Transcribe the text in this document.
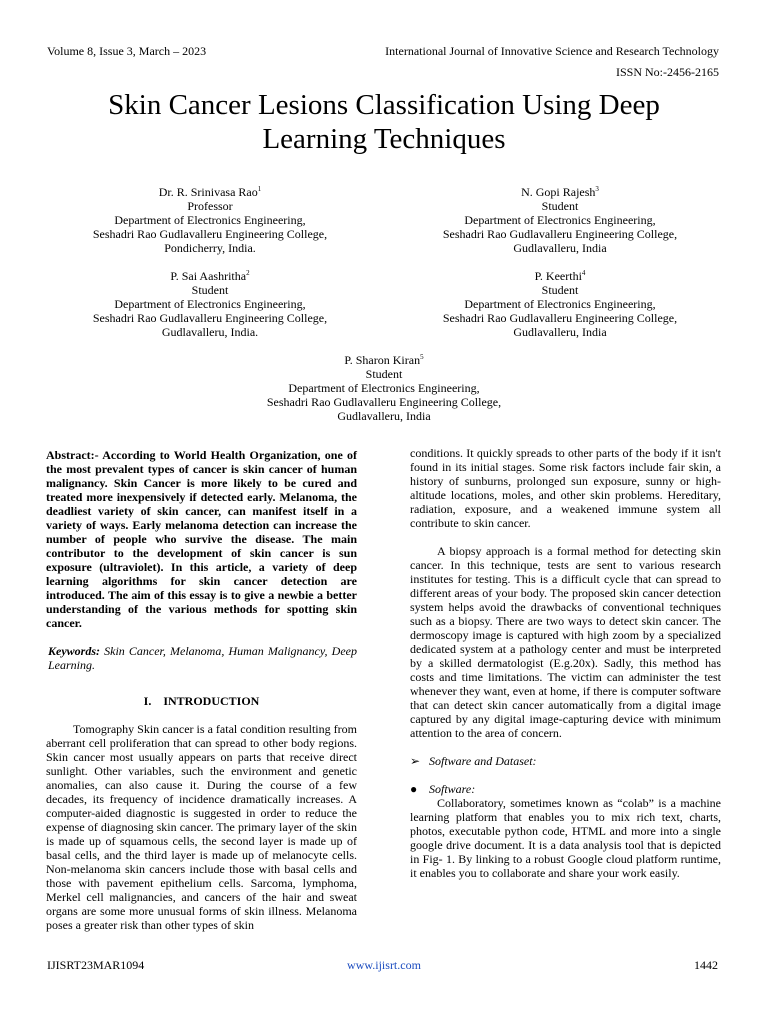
Volume 8, Issue 3, March – 2023	International Journal of Innovative Science and Research Technology
ISSN No:-2456-2165
Skin Cancer Lesions Classification Using Deep Learning Techniques
Dr. R. Srinivasa Rao$^1$
Professor
Department of Electronics Engineering,
Seshadri Rao Gudlavalleru Engineering College,
Pondicherry, India.
N. Gopi Rajesh$^3$
Student
Department of Electronics Engineering,
Seshadri Rao Gudlavalleru Engineering College,
Gudlavalleru, India
P. Sai Aashritha$^2$
Student
Department of Electronics Engineering,
Seshadri Rao Gudlavalleru Engineering College,
Gudlavalleru, India.
P. Keerthi$^4$
Student
Department of Electronics Engineering,
Seshadri Rao Gudlavalleru Engineering College,
Gudlavalleru, India
P. Sharon Kiran$^5$
Student
Department of Electronics Engineering,
Seshadri Rao Gudlavalleru Engineering College,
Gudlavalleru, India

Abstract:- According to World Health Organization, one of the most prevalent types of cancer is skin cancer of human malignancy. Skin Cancer is more likely to be cured and treated more inexpensively if detected early. Melanoma, the deadliest variety of skin cancer, can manifest itself in a variety of ways. Early melanoma detection can increase the number of people who survive the disease. The main contributor to the development of skin cancer is sun exposure (ultraviolet). In this article, a variety of deep learning algorithms for skin cancer detection are introduced. The aim of this essay is to give a newbie a better understanding of the various methods for spotting skin cancer.

Keywords: Skin Cancer, Melanoma, Human Malignancy, Deep Learning.

I.    INTRODUCTION

Tomography Skin cancer is a fatal condition resulting from aberrant cell proliferation that can spread to other body regions. Skin cancer most usually appears on parts that receive direct sunlight. Other variables, such the environment and genetic anomalies, can also cause it. During the course of a few decades, its frequency of incidence dramatically increases. A computer-aided diagnostic is suggested in order to reduce the expense of diagnosing skin cancer. The primary layer of the skin is made up of squamous cells, the second layer is made up of basal cells, and the third layer is made up of melanocyte cells. Non-melanoma skin cancers include those with basal cells and those with pavement epithelium cells. Sarcoma, lymphoma, Merkel cell malignancies, and cancers of the hair and sweat organs are some more unusual forms of skin illness. Melanoma poses a greater risk than other types of skin

conditions. It quickly spreads to other parts of the body if it isn't found in its initial stages. Some risk factors include fair skin, a history of sunburns, prolonged sun exposure, sunny or high-altitude locations, moles, and other skin problems. Hereditary, radiation, exposure, and a weakened immune system all contribute to skin cancer.

A biopsy approach is a formal method for detecting skin cancer. In this technique, tests are sent to various research institutes for testing. This is a difficult cycle that can spread to different areas of your body. The proposed skin cancer detection system helps avoid the drawbacks of conventional techniques such as a biopsy. There are two ways to detect skin cancer. The dermoscopy image is captured with high zoom by a specialized dedicated system at a pathology center and must be interpreted by a skilled dermatologist (E.g.20x). Sadly, this method has costs and time limitations. The victim can administer the test whenever they want, even at home, if there is computer software that can detect skin cancer automatically from a digital image captured by any digital image-capturing device with minimum attention to the area of concern.

➢ Software and Dataset:

● Software:

Collaboratory, sometimes known as “colab” is a machine learning platform that enables you to mix rich text, charts, photos, executable python code, HTML and more into a single google drive document. It is a data analysis tool that is depicted in Fig- 1. By linking to a robust Google cloud platform runtime, it enables you to collaborate and share your work easily.

IJISRT23MAR1094	www.ijisrt.com	1442
